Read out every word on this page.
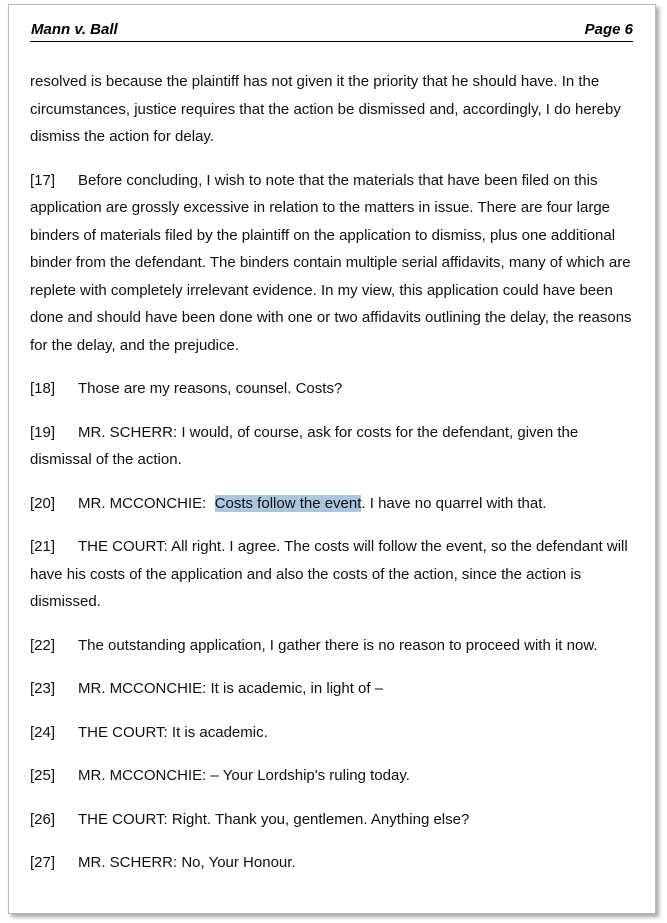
Mann v. Ball	Page 6

resolved is because the plaintiff has not given it the priority that he should have. In the circumstances, justice requires that the action be dismissed and, accordingly, I do hereby dismiss the action for delay.

[17] Before concluding, I wish to note that the materials that have been filed on this application are grossly excessive in relation to the matters in issue. There are four large binders of materials filed by the plaintiff on the application to dismiss, plus one additional binder from the defendant. The binders contain multiple serial affidavits, many of which are replete with completely irrelevant evidence. In my view, this application could have been done and should have been done with one or two affidavits outlining the delay, the reasons for the delay, and the prejudice.

[18] Those are my reasons, counsel. Costs?

[19] MR. SCHERR: I would, of course, ask for costs for the defendant, given the dismissal of the action.

[20] MR. MCCONCHIE:  Costs follow the event. I have no quarrel with that.

[21] THE COURT: All right. I agree. The costs will follow the event, so the defendant will have his costs of the application and also the costs of the action, since the action is dismissed.

[22] The outstanding application, I gather there is no reason to proceed with it now.

[23] MR. MCCONCHIE: It is academic, in light of –

[24] THE COURT: It is academic.

[25] MR. MCCONCHIE: – Your Lordship's ruling today.

[26] THE COURT: Right. Thank you, gentlemen. Anything else?

[27] MR. SCHERR: No, Your Honour.
